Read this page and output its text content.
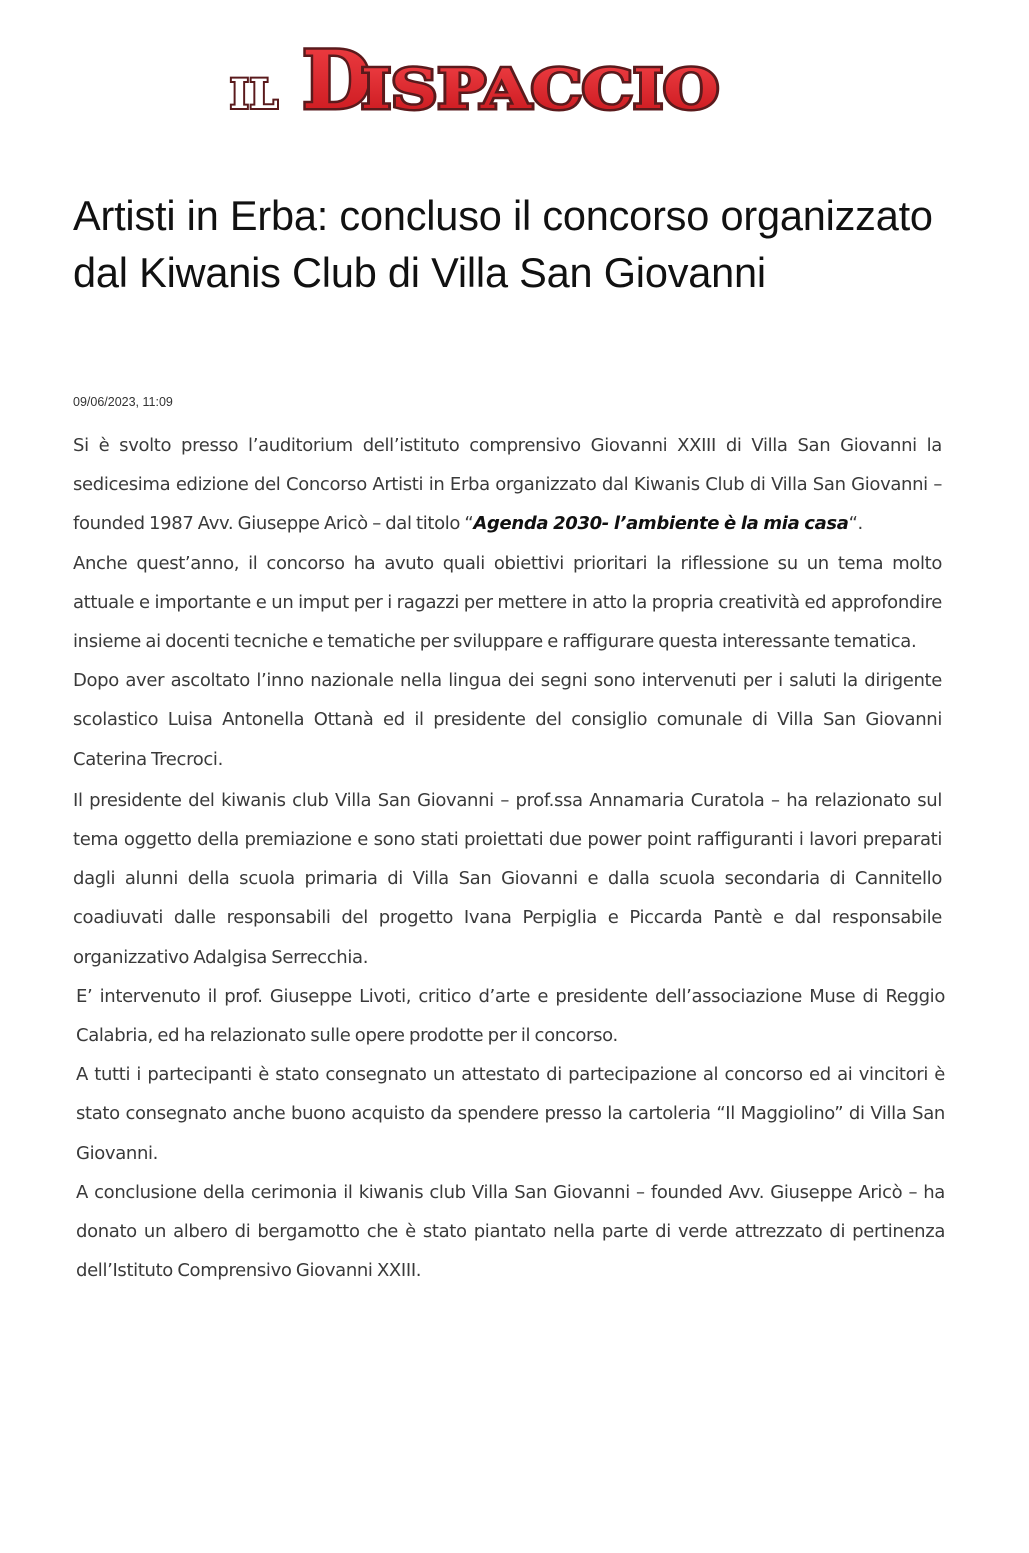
IL D
ISPACCIO
Artisti in Erba: concluso il concorso organizzato dal Kiwanis Club di Villa San Giovanni
09/06/2023, 11:09

Si è svolto presso l’auditorium dell’istituto comprensivo Giovanni XXIII di Villa San Giovanni la sedicesima edizione del Concorso Artisti in Erba organizzato dal Kiwanis Club di Villa San Giovanni – founded 1987 Avv. Giuseppe Aricò – dal titolo “Agenda 2030- l’ambiente è la mia casa“.

Anche quest’anno, il concorso ha avuto quali obiettivi prioritari la riflessione su un tema molto attuale e importante e un imput per i ragazzi per mettere in atto la propria creatività ed approfondire insieme ai docenti tecniche e tematiche per sviluppare e raffigurare questa interessante tematica.

Dopo aver ascoltato l’inno nazionale nella lingua dei segni sono intervenuti per i saluti la dirigente scolastico Luisa Antonella Ottanà ed il presidente del consiglio comunale di Villa San Giovanni Caterina Trecroci.

Il presidente del kiwanis club Villa San Giovanni – prof.ssa Annamaria Curatola – ha relazionato sul tema oggetto della premiazione e sono stati proiettati due power point raffiguranti i lavori preparati dagli alunni della scuola primaria di Villa San Giovanni e dalla scuola secondaria di Cannitello coadiuvati dalle responsabili del progetto Ivana Perpiglia e Piccarda Pantè e dal responsabile organizzativo Adalgisa Serrecchia.

E’ intervenuto il prof. Giuseppe Livoti, critico d’arte e presidente dell’associazione Muse di Reggio Calabria, ed ha relazionato sulle opere prodotte per il concorso.

A tutti i partecipanti è stato consegnato un attestato di partecipazione al concorso ed ai vincitori è stato consegnato anche buono acquisto da spendere presso la cartoleria “Il Maggiolino” di Villa San Giovanni.

A conclusione della cerimonia il kiwanis club Villa San Giovanni – founded Avv. Giuseppe Aricò – ha donato un albero di bergamotto che è stato piantato nella parte di verde attrezzato di pertinenza dell’Istituto Comprensivo Giovanni XXIII.
